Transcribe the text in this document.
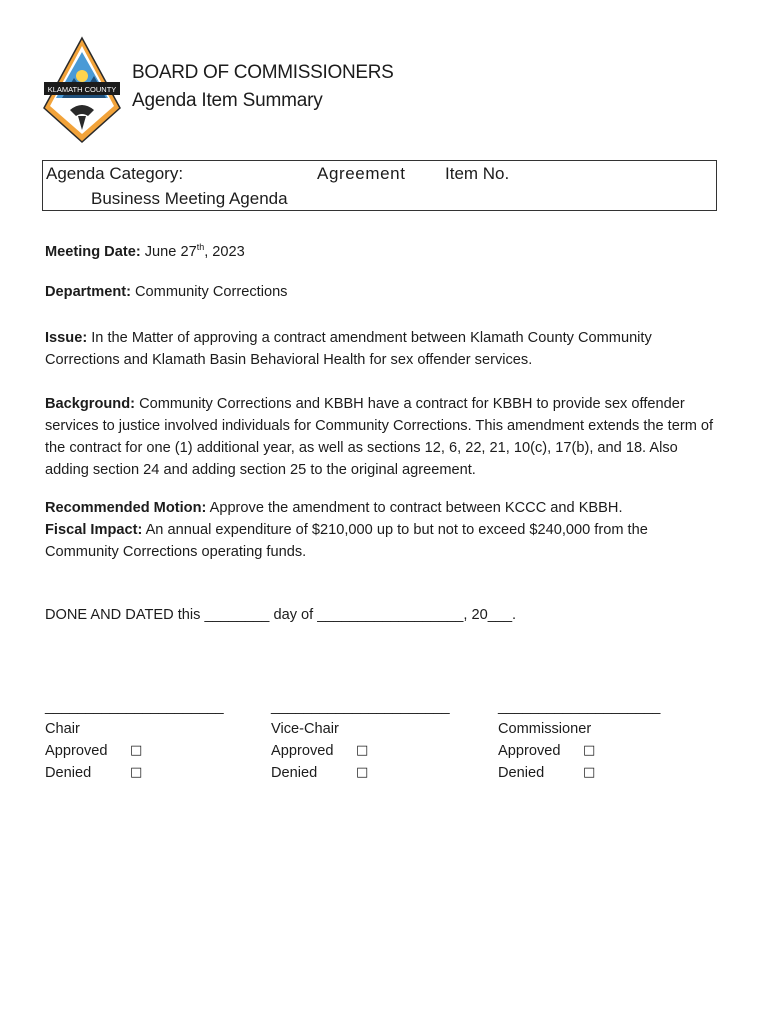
KLAMATH COUNTY
BOARD OF COMMISSIONERS
Agenda Item Summary
Agenda Category:
Business Meeting Agenda
Agreement Item No.
Meeting Date: June 27th, 2023
Department: Community Corrections
Issue: In the Matter of approving a contract amendment between Klamath County Community Corrections and Klamath Basin Behavioral Health for sex offender services.
Background: Community Corrections and KBBH have a contract for KBBH to provide sex offender services to justice involved individuals for Community Corrections. This amendment extends the term of the contract for one (1) additional year, as well as sections 12, 6, 22, 21, 10(c), 17(b), and 18. Also adding section 24 and adding section 25 to the original agreement.
Recommended Motion: Approve the amendment to contract between KCCC and KBBH.
Fiscal Impact: An annual expenditure of $210,000 up to but not to exceed $240,000 from the Community Corrections operating funds.
DONE AND DATED this ________ day of __________________, 20___.
______________________
Chair
Approved	□
Denied	□
______________________
Vice-Chair
Approved	□
Denied	□
____________________
Commissioner
Approved	□
Denied	□
